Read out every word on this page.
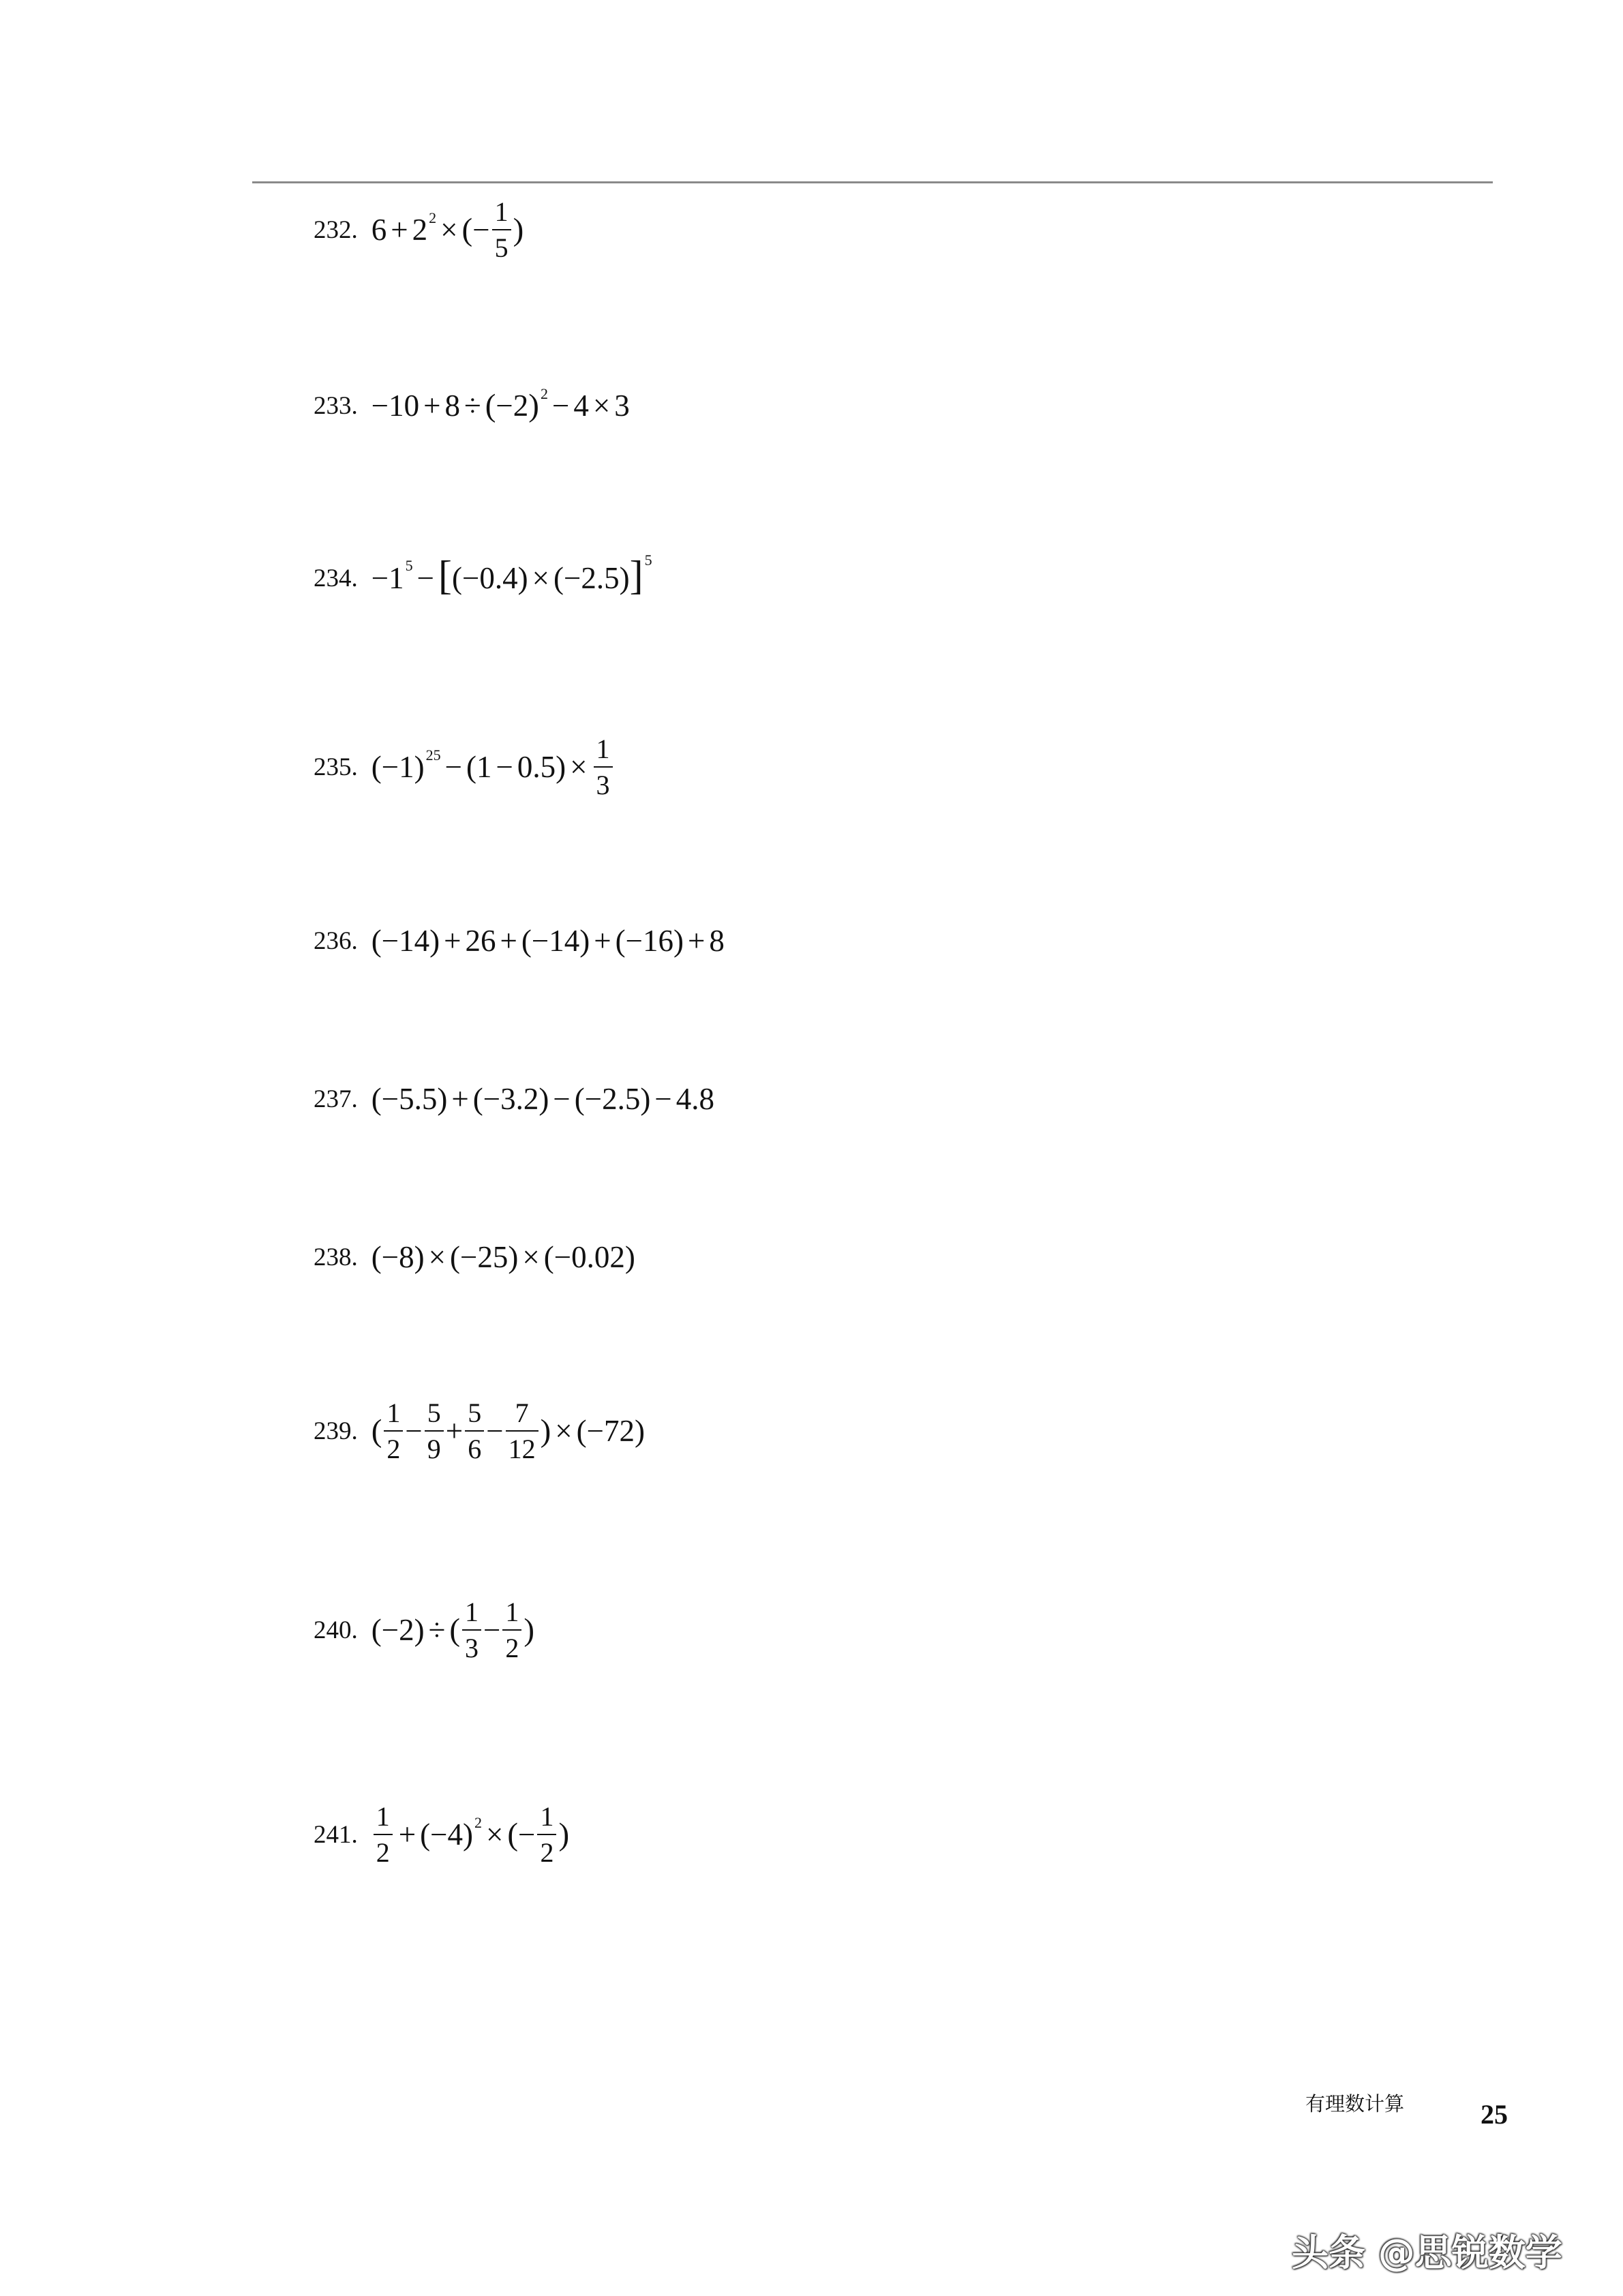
232. $6 + 2^2$ × ( − $\frac{1}{5}$ )
233. −10 + 8 ÷ ( −2 )$^2$ − 4 × 3
234. $-1^5$ − [ (−0.4) × (−2.5) ]$^5$
235. $(-1)^{25} - (1 - 0.5) \times \frac{1}{3}$
236. (−14) + 26 + (−14) + (−16) + 8
237. (−5.5) + (−3.2) − (−2.5) − 4.8
238. (−8) × (−25) × (−0.02)
239. ( $\frac{1}{2} - \frac{5}{9} + \frac{5}{6} - \frac{7}{12}$ ) × (−72)
240. (−2) ÷ ( $\frac{1}{3} - \frac{1}{2}$ )
241. $\frac{1}{2} + (-4)^2$ × ( − $\frac{1}{2}$ )
有理数计算	25
头条 @思锐数学
